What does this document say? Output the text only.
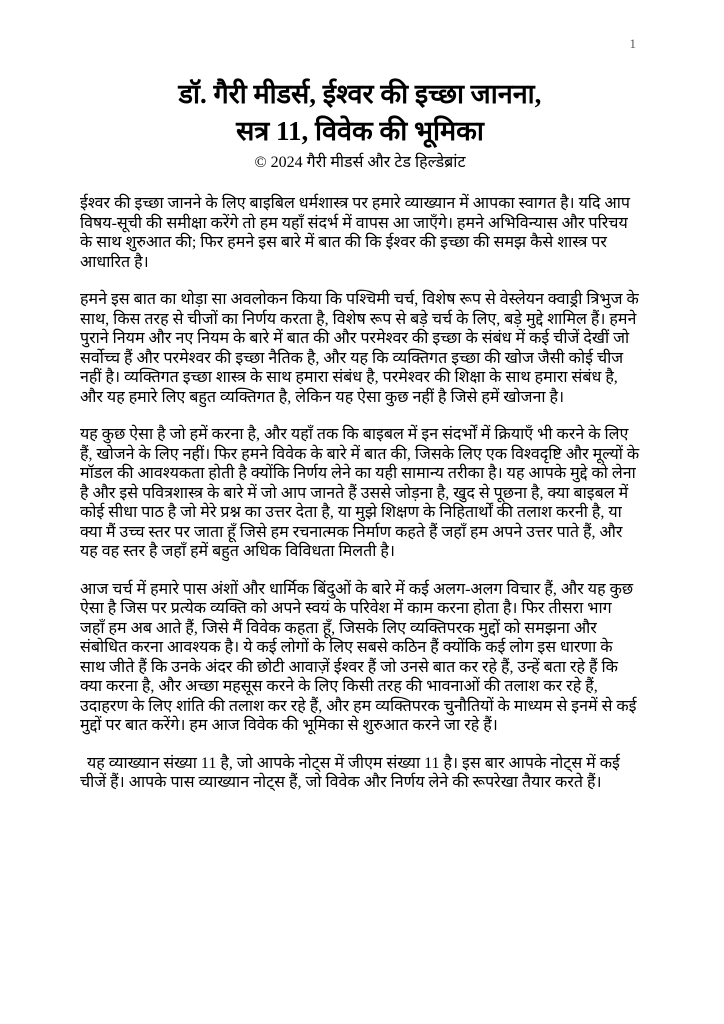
1
डॉ. गैरी मीडर्स, ईश्वर की इच्छा जानना,
सत्र 11, विवेक की भूमिका
© 2024 गैरी मीडर्स और टेड हिल्डेब्रांट

ईश्वर की इच्छा जानने के लिए बाइबिल धर्मशास्त्र पर हमारे व्याख्यान में आपका स्वागत है। यदि आप विषय-सूची की समीक्षा करेंगे तो हम यहाँ संदर्भ में वापस आ जाएँगे। हमने अभिविन्यास और परिचय के साथ शुरुआत की; फिर हमने इस बारे में बात की कि ईश्वर की इच्छा की समझ कैसे शास्त्र पर आधारित है।

हमने इस बात का थोड़ा सा अवलोकन किया कि पश्चिमी चर्च, विशेष रूप से वेस्लेयन क्वाड्री त्रिभुज के साथ, किस तरह से चीजों का निर्णय करता है, विशेष रूप से बड़े चर्च के लिए, बड़े मुद्दे शामिल हैं। हमने पुराने नियम और नए नियम के बारे में बात की और परमेश्वर की इच्छा के संबंध में कई चीजें देखीं जो सर्वोच्च हैं और परमेश्वर की इच्छा नैतिक है, और यह कि व्यक्तिगत इच्छा की खोज जैसी कोई चीज नहीं है। व्यक्तिगत इच्छा शास्त्र के साथ हमारा संबंध है, परमेश्वर की शिक्षा के साथ हमारा संबंध है, और यह हमारे लिए बहुत व्यक्तिगत है, लेकिन यह ऐसा कुछ नहीं है जिसे हमें खोजना है।

यह कुछ ऐसा है जो हमें करना है, और यहाँ तक कि बाइबल में इन संदर्भों में क्रियाएँ भी करने के लिए हैं, खोजने के लिए नहीं। फिर हमने विवेक के बारे में बात की, जिसके लिए एक विश्वदृष्टि और मूल्यों के मॉडल की आवश्यकता होती है क्योंकि निर्णय लेने का यही सामान्य तरीका है। यह आपके मुद्दे को लेना है और इसे पवित्रशास्त्र के बारे में जो आप जानते हैं उससे जोड़ना है, खुद से पूछना है, क्या बाइबल में कोई सीधा पाठ है जो मेरे प्रश्न का उत्तर देता है, या मुझे शिक्षण के निहितार्थों की तलाश करनी है, या क्या मैं उच्च स्तर पर जाता हूँ जिसे हम रचनात्मक निर्माण कहते हैं जहाँ हम अपने उत्तर पाते हैं, और यह वह स्तर है जहाँ हमें बहुत अधिक विविधता मिलती है।

आज चर्च में हमारे पास अंशों और धार्मिक बिंदुओं के बारे में कई अलग-अलग विचार हैं, और यह कुछ ऐसा है जिस पर प्रत्येक व्यक्ति को अपने स्वयं के परिवेश में काम करना होता है। फिर तीसरा भाग जहाँ हम अब आते हैं, जिसे मैं विवेक कहता हूँ, जिसके लिए व्यक्तिपरक मुद्दों को समझना और संबोधित करना आवश्यक है। ये कई लोगों के लिए सबसे कठिन हैं क्योंकि कई लोग इस धारणा के साथ जीते हैं कि उनके अंदर की छोटी आवाज़ें ईश्वर हैं जो उनसे बात कर रहे हैं, उन्हें बता रहे हैं कि क्या करना है, और अच्छा महसूस करने के लिए किसी तरह की भावनाओं की तलाश कर रहे हैं, उदाहरण के लिए शांति की तलाश कर रहे हैं, और हम व्यक्तिपरक चुनौतियों के माध्यम से इनमें से कई मुद्दों पर बात करेंगे। हम आज विवेक की भूमिका से शुरुआत करने जा रहे हैं।

यह व्याख्यान संख्या 11 है, जो आपके नोट्स में जीएम संख्या 11 है। इस बार आपके नोट्स में कई चीजें हैं। आपके पास व्याख्यान नोट्स हैं, जो विवेक और निर्णय लेने की रूपरेखा तैयार करते हैं।
